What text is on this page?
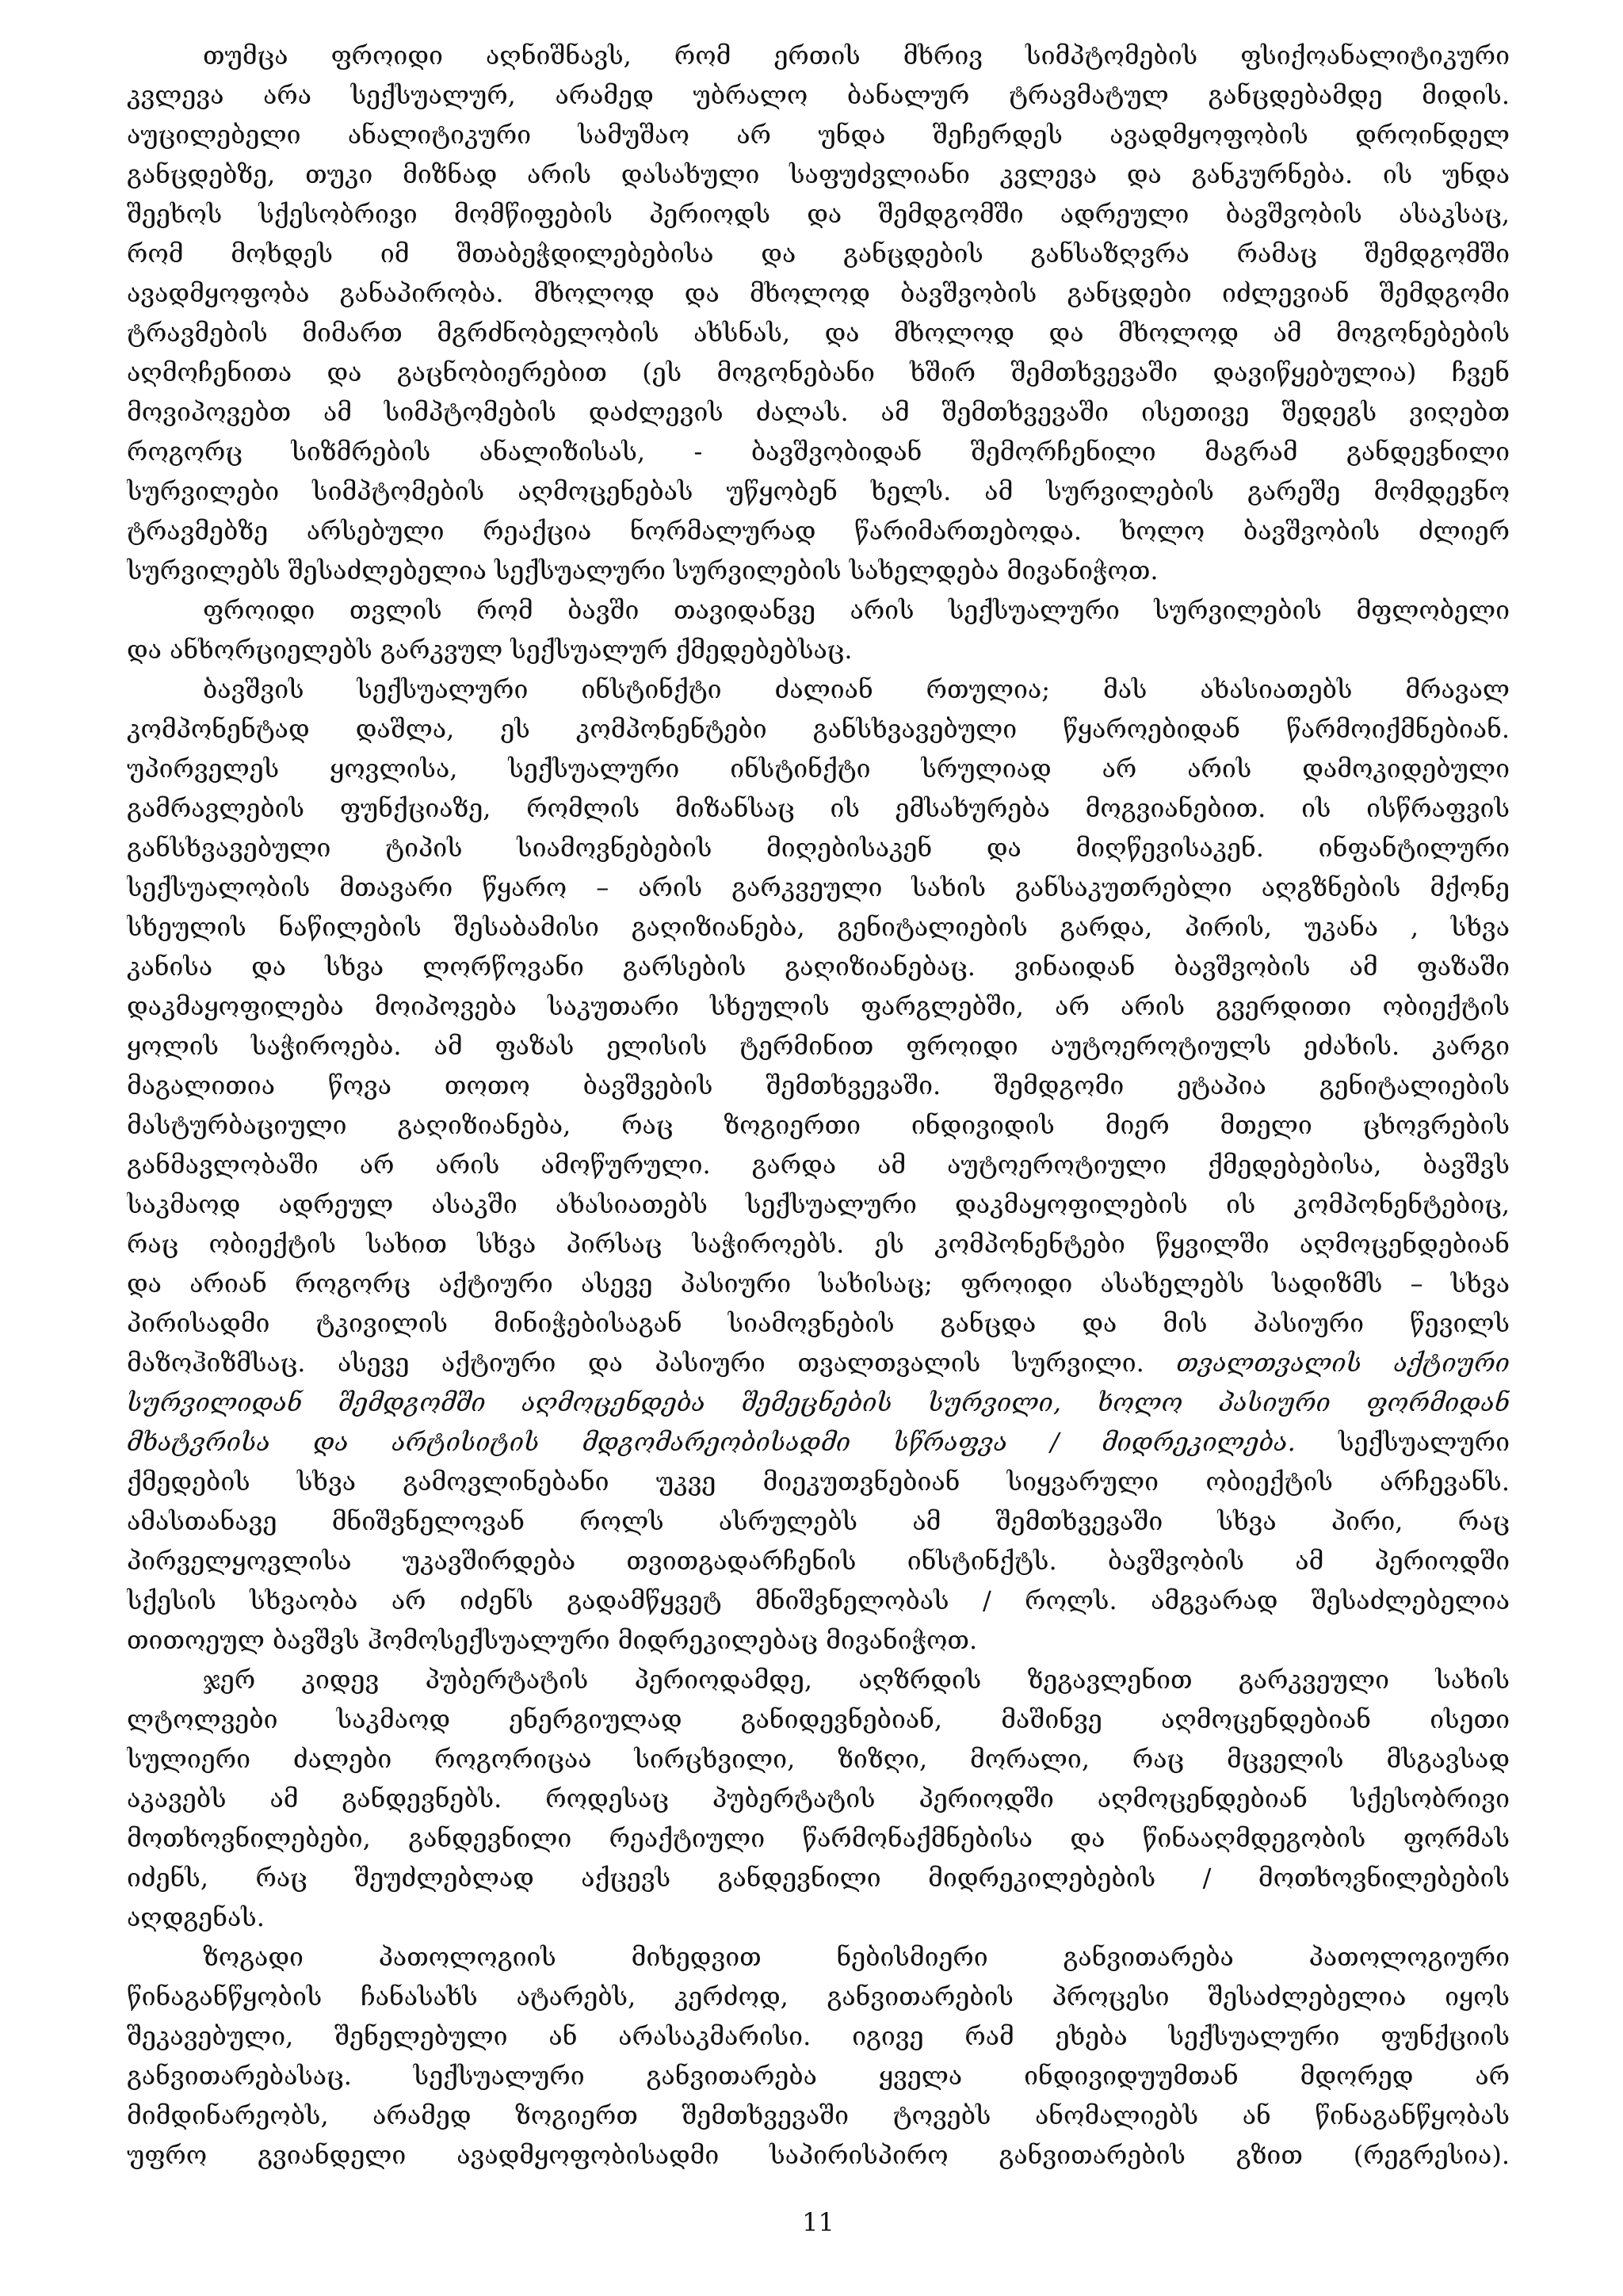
თუმცა ფროიდი აღნიშნავს, რომ ერთის მხრივ სიმპტომების ფსიქოანალიტიკური
კვლევა არა სექსუალურ, არამედ უბრალო ბანალურ ტრავმატულ განცდებამდე მიდის.
აუცილებელი ანალიტიკური სამუშაო არ უნდა შეჩერდეს ავადმყოფობის დროინდელ
განცდებზე, თუკი მიზნად არის დასახული საფუძვლიანი კვლევა და განკურნება. ის უნდა
შეეხოს სქესობრივი მომწიფების პერიოდს და შემდგომში ადრეული ბავშვობის ასაკსაც,
რომ მოხდეს იმ შთაბეჭდილებებისა და განცდების განსაზღვრა რამაც შემდგომში
ავადმყოფობა განაპირობა. მხოლოდ და მხოლოდ ბავშვობის განცდები იძლევიან შემდგომი
ტრავმების მიმართ მგრძნობელობის ახსნას, და მხოლოდ და მხოლოდ ამ მოგონებების
აღმოჩენითა და გაცნობიერებით (ეს მოგონებანი ხშირ შემთხვევაში დავიწყებულია) ჩვენ
მოვიპოვებთ ამ სიმპტომების დაძლევის ძალას. ამ შემთხვევაში ისეთივე შედეგს ვიღებთ
როგორც სიზმრების ანალიზისას, - ბავშვობიდან შემორჩენილი მაგრამ განდევნილი
სურვილები სიმპტომების აღმოცენებას უწყობენ ხელს. ამ სურვილების გარეშე მომდევნო
ტრავმებზე არსებული რეაქცია ნორმალურად წარიმართებოდა. ხოლო ბავშვობის ძლიერ
სურვილებს შესაძლებელია სექსუალური სურვილების სახელდება მივანიჭოთ.
ფროიდი თვლის რომ ბავში თავიდანვე არის სექსუალური სურვილების მფლობელი
და ანხორციელებს გარკვულ სექსუალურ ქმედებებსაც.
ბავშვის სექსუალური ინსტინქტი ძალიან რთულია; მას ახასიათებს მრავალ
კომპონენტად დაშლა, ეს კომპონენტები განსხვავებული წყაროებიდან წარმოიქმნებიან.
უპირველეს ყოვლისა, სექსუალური ინსტინქტი სრულიად არ არის დამოკიდებული
გამრავლების ფუნქციაზე, რომლის მიზანსაც ის ემსახურება მოგვიანებით. ის ისწრაფვის
განსხვავებული ტიპის სიამოვნებების მიღებისაკენ და მიღწევისაკენ. ინფანტილური
სექსუალობის მთავარი წყარო – არის გარკვეული სახის განსაკუთრებლი აღგზნების მქონე
სხეულის ნაწილების შესაბამისი გაღიზიანება, გენიტალიების გარდა, პირის, უკანა , სხვა
კანისა და სხვა ლორწოვანი გარსების გაღიზიანებაც. ვინაიდან ბავშვობის ამ ფაზაში
დაკმაყოფილება მოიპოვება საკუთარი სხეულის ფარგლებში, არ არის გვერდითი ობიექტის
ყოლის საჭიროება. ამ ფაზას ელისის ტერმინით ფროიდი აუტოეროტიულს ეძახის. კარგი
მაგალითია წოვა თოთო ბავშვების შემთხვევაში. შემდგომი ეტაპია გენიტალიების
მასტურბაციული გაღიზიანება, რაც ზოგიერთი ინდივიდის მიერ მთელი ცხოვრების
განმავლობაში არ არის ამოწურული. გარდა ამ აუტოეროტიული ქმედებებისა, ბავშვს
საკმაოდ ადრეულ ასაკში ახასიათებს სექსუალური დაკმაყოფილების ის კომპონენტებიც,
რაც ობიექტის სახით სხვა პირსაც საჭიროებს. ეს კომპონენტები წყვილში აღმოცენდებიან
და არიან როგორც აქტიური ასევე პასიური სახისაც; ფროიდი ასახელებს სადიზმს – სხვა
პირისადმი ტკივილის მინიჭებისაგან სიამოვნების განცდა და მის პასიური წევილს
მაზოჰიზმსაც. ასევე აქტიური და პასიური თვალთვალის სურვილი. თვალთვალის აქტიური
სურვილიდან შემდგომში აღმოცენდება შემეცნების სურვილი, ხოლო პასიური ფორმიდან
მხატვრისა და არტისიტის მდგომარეობისადმი სწრაფვა / მიდრეკილება. სექსუალური
ქმედების სხვა გამოვლინებანი უკვე მიეკუთვნებიან სიყვარული ობიექტის არჩევანს.
ამასთანავე მნიშვნელოვან როლს ასრულებს ამ შემთხვევაში სხვა პირი, რაც
პირველყოვლისა უკავშირდება თვითგადარჩენის ინსტინქტს. ბავშვობის ამ პერიოდში
სქესის სხვაობა არ იძენს გადამწყვეტ მნიშვნელობას / როლს. ამგვარად შესაძლებელია
თითოეულ ბავშვს ჰომოსექსუალური მიდრეკილებაც მივანიჭოთ.
ჯერ კიდევ პუბერტატის პერიოდამდე, აღზრდის ზეგავლენით გარკვეული სახის
ლტოლვები საკმაოდ ენერგიულად განიდევნებიან, მაშინვე აღმოცენდებიან ისეთი
სულიერი ძალები როგორიცაა სირცხვილი, ზიზღი, მორალი, რაც მცველის მსგავსად
აკავებს ამ განდევნებს. როდესაც პუბერტატის პერიოდში აღმოცენდებიან სქესობრივი
მოთხოვნილებები, განდევნილი რეაქტიული წარმონაქმნებისა და წინააღმდეგობის ფორმას
იძენს, რაც შეუძლებლად აქცევს განდევნილი მიდრეკილებების / მოთხოვნილებების
აღდგენას.
ზოგადი პათოლოგიის მიხედვით ნებისმიერი განვითარება პათოლოგიური
წინაგანწყობის ჩანასახს ატარებს, კერძოდ, განვითარების პროცესი შესაძლებელია იყოს
შეკავებული, შენელებული ან არასაკმარისი. იგივე რამ ეხება სექსუალური ფუნქციის
განვითარებასაც. სექსუალური განვითარება ყველა ინდივიდუუმთან მდორედ არ
მიმდინარეობს, არამედ ზოგიერთ შემთხვევაში ტოვებს ანომალიებს ან წინაგანწყობას
უფრო გვიანდელი ავადმყოფობისადმი საპირისპირო განვითარების გზით (რეგრესია).
11
